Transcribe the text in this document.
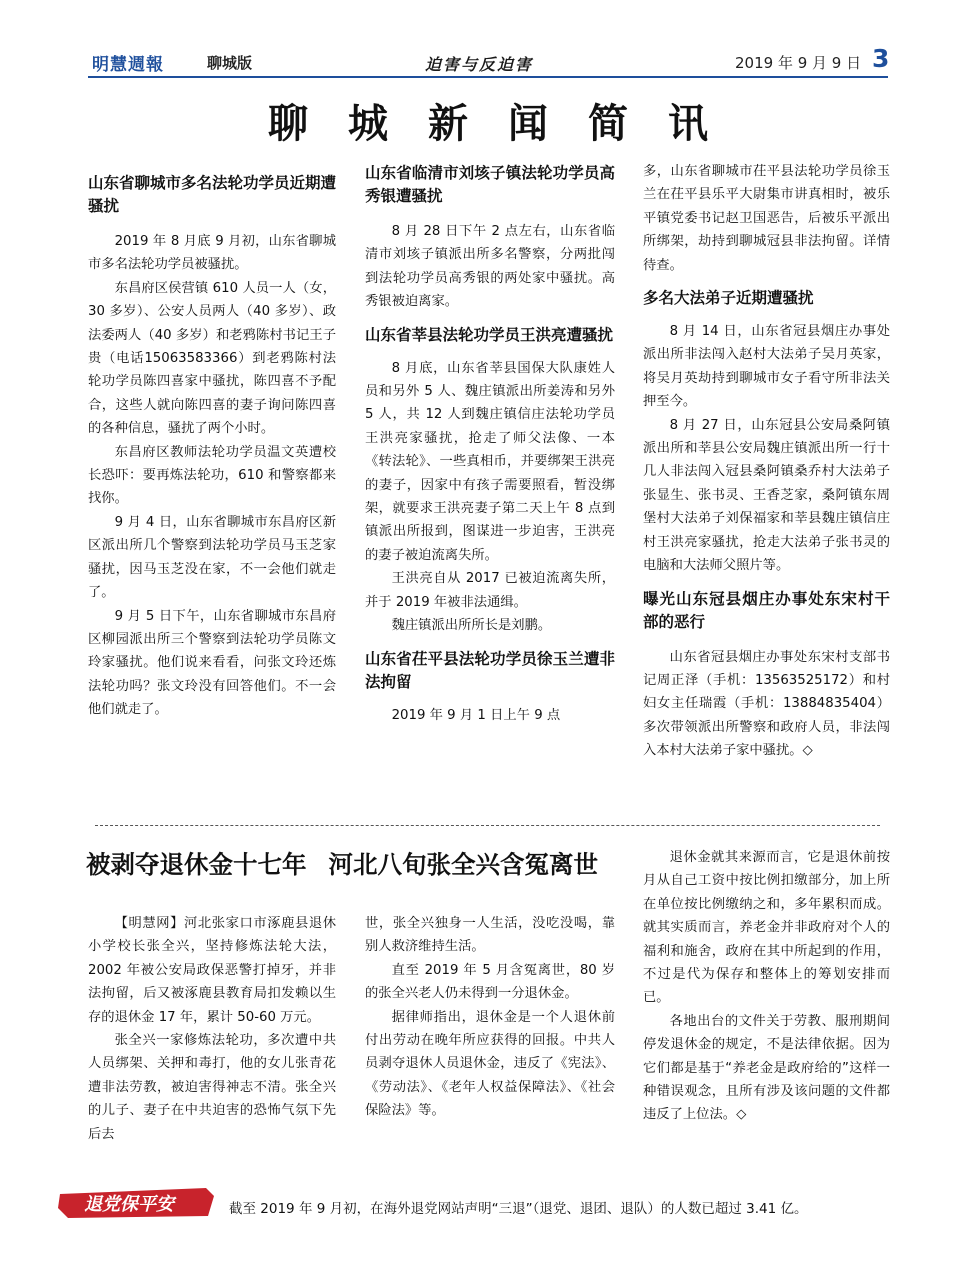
明慧週報	聊城版	迫害与反迫害	2019 年 9 月 9 日 3
聊城新闻简讯
山东省聊城市多名法轮功学员近期遭骚扰

2019 年 8 月底 9 月初，山东省聊城市多名法轮功学员被骚扰。

东昌府区侯营镇 610 人员一人（女，30 多岁）、公安人员两人（40 多岁）、政法委两人（40 多岁）和老鸦陈村书记王子贵（电话15063583366）到老鸦陈村法轮功学员陈四喜家中骚扰，陈四喜不予配合，这些人就向陈四喜的妻子询问陈四喜的各种信息，骚扰了两个小时。

东昌府区教师法轮功学员温文英遭校长恐吓：要再炼法轮功，610 和警察都来找你。

9 月 4 日，山东省聊城市东昌府区新区派出所几个警察到法轮功学员马玉芝家骚扰，因马玉芝没在家，不一会他们就走了。

9 月 5 日下午，山东省聊城市东昌府区柳园派出所三个警察到法轮功学员陈文玲家骚扰。他们说来看看，问张文玲还炼法轮功吗？张文玲没有回答他们。不一会他们就走了。

山东省临清市刘垓子镇法轮功学员高秀银遭骚扰

8 月 28 日下午 2 点左右，山东省临清市刘垓子镇派出所多名警察，分两批闯到法轮功学员高秀银的两处家中骚扰。高秀银被迫离家。

山东省莘县法轮功学员王洪亮遭骚扰

8 月底，山东省莘县国保大队康姓人员和另外 5 人、魏庄镇派出所姜涛和另外 5 人，共 12 人到魏庄镇信庄法轮功学员王洪亮家骚扰，抢走了师父法像、一本《转法轮》、一些真相币，并要绑架王洪亮的妻子，因家中有孩子需要照看，暂没绑架，就要求王洪亮妻子第二天上午 8 点到镇派出所报到，图谋进一步迫害，王洪亮的妻子被迫流离失所。

王洪亮自从 2017 已被迫流离失所，并于 2019 年被非法通缉。

魏庄镇派出所所长是刘鹏。

山东省茌平县法轮功学员徐玉兰遭非法拘留

2019 年 9 月 1 日上午 9 点

多，山东省聊城市茌平县法轮功学员徐玉兰在茌平县乐平大尉集市讲真相时，被乐平镇党委书记赵卫国恶告，后被乐平派出所绑架，劫持到聊城冠县非法拘留。详情待查。

多名大法弟子近期遭骚扰

8 月 14 日，山东省冠县烟庄办事处派出所非法闯入赵村大法弟子吴月英家，将吴月英劫持到聊城市女子看守所非法关押至今。

8 月 27 日，山东冠县公安局桑阿镇派出所和莘县公安局魏庄镇派出所一行十几人非法闯入冠县桑阿镇桑乔村大法弟子张显生、张书灵、王香芝家，桑阿镇东周堡村大法弟子刘保福家和莘县魏庄镇信庄村王洪亮家骚扰，抢走大法弟子张书灵的电脑和大法师父照片等。

曝光山东冠县烟庄办事处东宋村干部的恶行

山东省冠县烟庄办事处东宋村支部书记周正泽（手机：13563525172）和村妇女主任瑞霞（手机：13884835404）多次带领派出所警察和政府人员，非法闯入本村大法弟子家中骚扰。◇

被剥夺退休金十七年 河北八旬张全兴含冤离世

【明慧网】河北张家口市涿鹿县退休小学校长张全兴，坚持修炼法轮大法，2002 年被公安局政保恶警打掉牙，并非法拘留，后又被涿鹿县教育局扣发赖以生存的退休金 17 年，累计 50-60 万元。

张全兴一家修炼法轮功，多次遭中共人员绑架、关押和毒打，他的女儿张青花遭非法劳教，被迫害得神志不清。张全兴的儿子、妻子在中共迫害的恐怖气氛下先后去

世，张全兴独身一人生活，没吃没喝，靠别人救济维持生活。

直至 2019 年 5 月含冤离世，80 岁的张全兴老人仍未得到一分退休金。

据律师指出，退休金是一个人退休前付出劳动在晚年所应获得的回报。中共人员剥夺退休人员退休金，违反了《宪法》、《劳动法》、《老年人权益保障法》、《社会保险法》等。

退休金就其来源而言，它是退休前按月从自己工资中按比例扣缴部分，加上所在单位按比例缴纳之和，多年累积而成。就其实质而言，养老金并非政府对个人的福利和施舍，政府在其中所起到的作用，不过是代为保存和整体上的筹划安排而已。

各地出台的文件关于劳教、服刑期间停发退休金的规定，不是法律依据。因为它们都是基于“养老金是政府给的”这样一种错误观念，且所有涉及该问题的文件都违反了上位法。◇

退党保平安	截至 2019 年 9 月初，在海外退党网站声明“三退”（退党、退团、退队）的人数已超过 3.41 亿。
